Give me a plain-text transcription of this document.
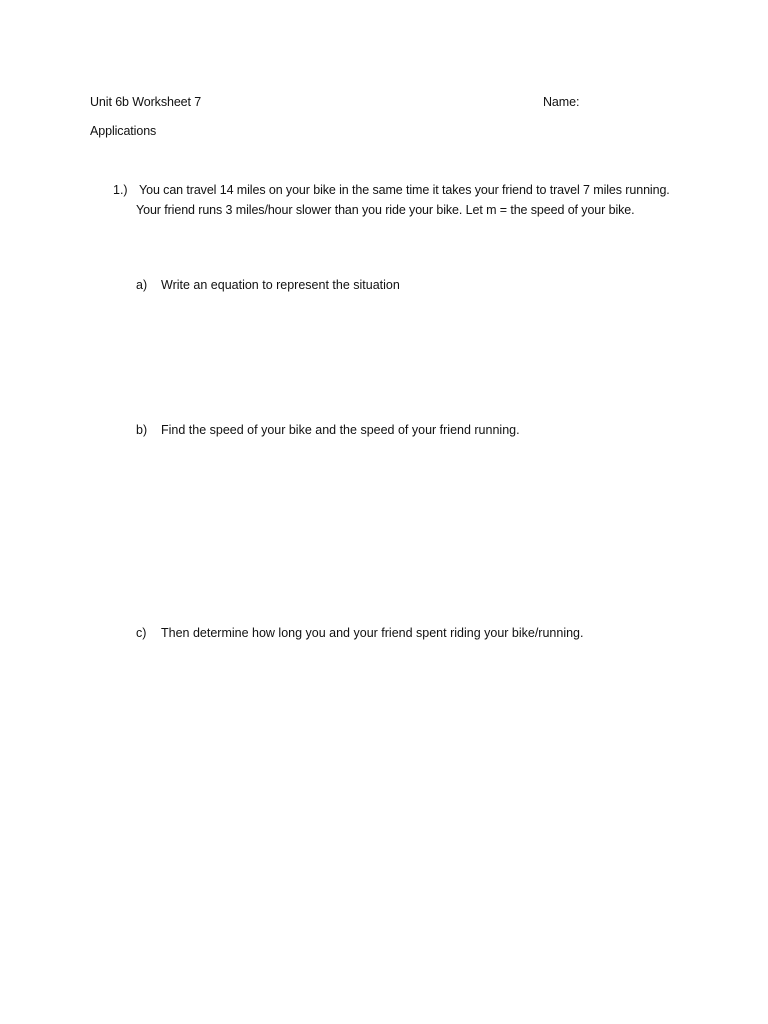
Unit 6b Worksheet 7	Name:
Applications
1.) You can travel 14 miles on your bike in the same time it takes your friend to travel 7 miles running. Your friend runs 3 miles/hour slower than you ride your bike. Let m = the speed of your bike.
a) Write an equation to represent the situation
b) Find the speed of your bike and the speed of your friend running.
c) Then determine how long you and your friend spent riding your bike/running.
